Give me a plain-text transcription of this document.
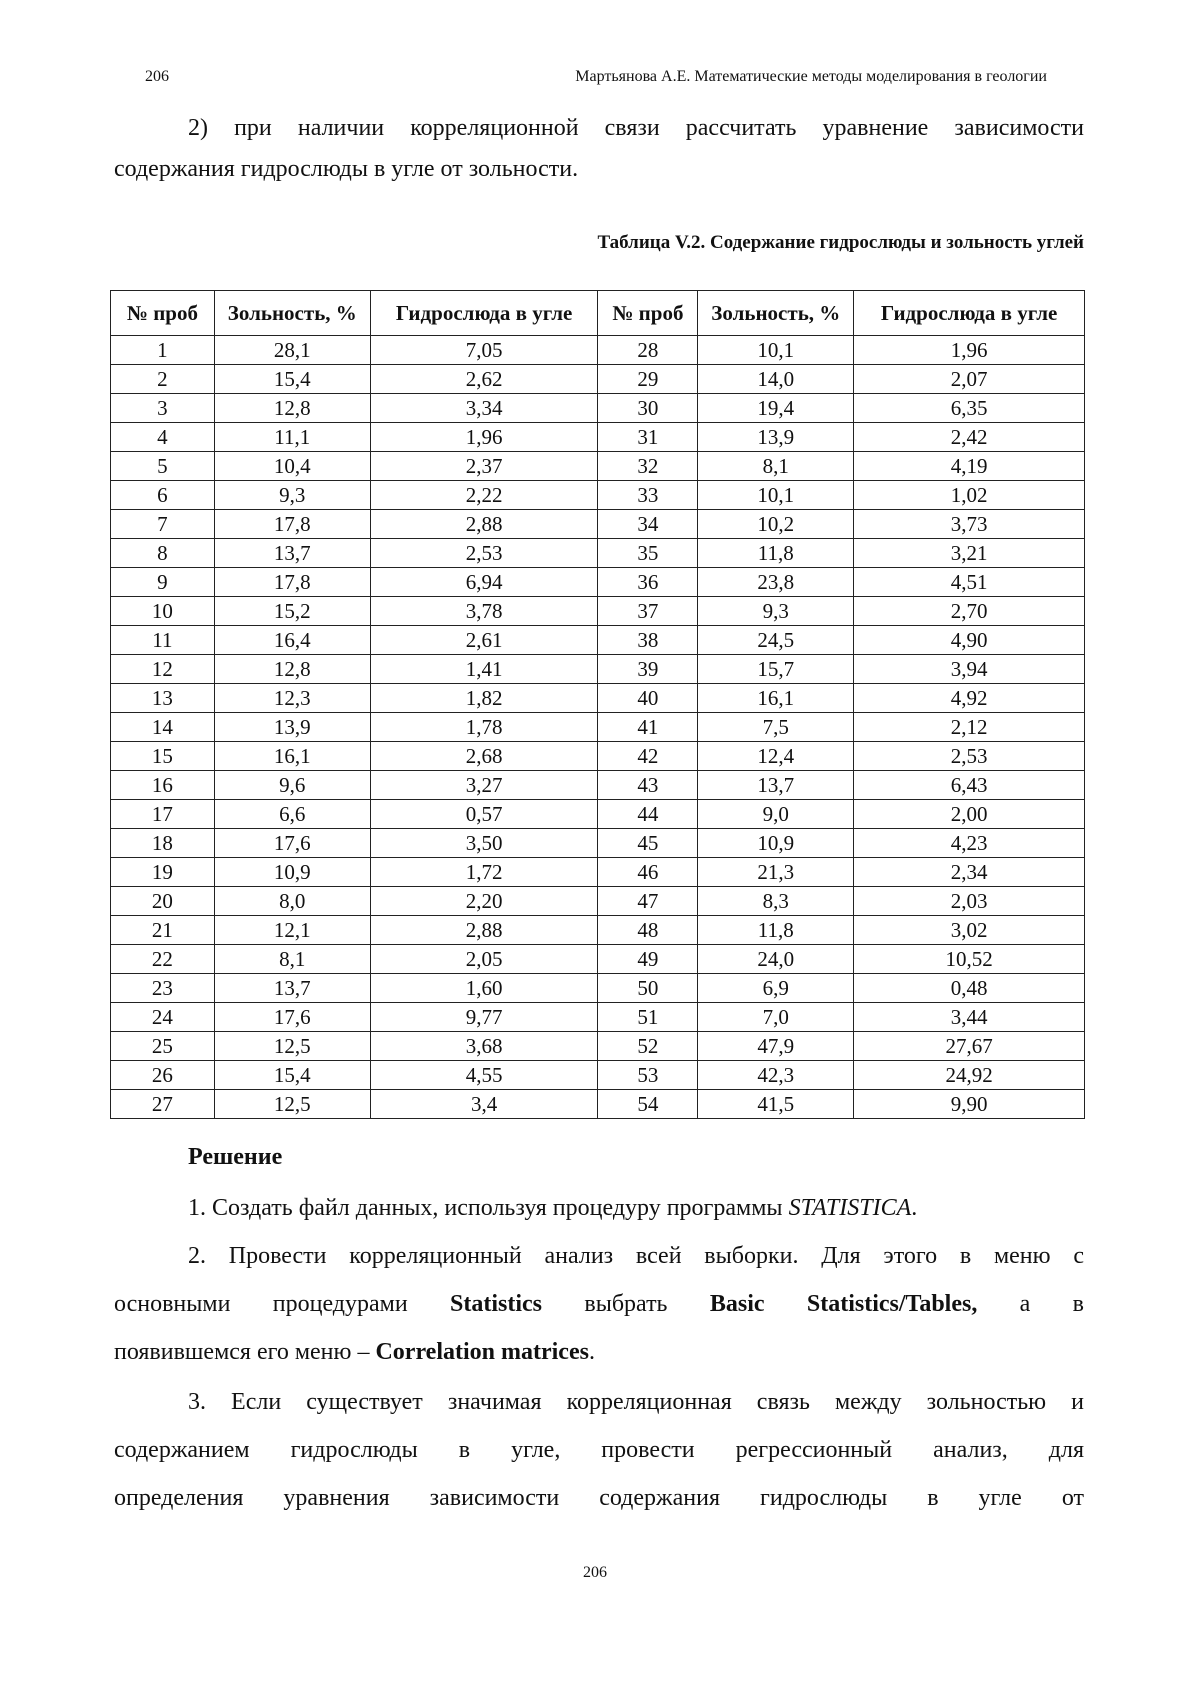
206	Мартьянова А.Е. Математические методы моделирования в геологии

2) при наличии корреляционной связи рассчитать уравнение зависимости

содержания гидрослюды в угле от зольности.

Таблица V.2. Содержание гидрослюды и зольность углей
№ проб	Зольность, %	Гидрослюда в угле	№ проб	Зольность, %	Гидрослюда в угле
1	28,1	7,05	28	10,1	1,96
2	15,4	2,62	29	14,0	2,07
3	12,8	3,34	30	19,4	6,35
4	11,1	1,96	31	13,9	2,42
5	10,4	2,37	32	8,1	4,19
6	9,3	2,22	33	10,1	1,02
7	17,8	2,88	34	10,2	3,73
8	13,7	2,53	35	11,8	3,21
9	17,8	6,94	36	23,8	4,51
10	15,2	3,78	37	9,3	2,70
11	16,4	2,61	38	24,5	4,90
12	12,8	1,41	39	15,7	3,94
13	12,3	1,82	40	16,1	4,92
14	13,9	1,78	41	7,5	2,12
15	16,1	2,68	42	12,4	2,53
16	9,6	3,27	43	13,7	6,43
17	6,6	0,57	44	9,0	2,00
18	17,6	3,50	45	10,9	4,23
19	10,9	1,72	46	21,3	2,34
20	8,0	2,20	47	8,3	2,03
21	12,1	2,88	48	11,8	3,02
22	8,1	2,05	49	24,0	10,52
23	13,7	1,60	50	6,9	0,48
24	17,6	9,77	51	7,0	3,44
25	12,5	3,68	52	47,9	27,67
26	15,4	4,55	53	42,3	24,92
27	12,5	3,4	54	41,5	9,90
Решение

1. Создать файл данных, используя процедуру программы STATISTICA.

2. Провести корреляционный анализ всей выборки. Для этого в меню с

основными процедурами Statistics выбрать Basic Statistics/Tables, а в

появившемся его меню – Correlation matrices.

3. Если существует значимая корреляционная связь между зольностью и

содержанием гидрослюды в угле, провести регрессионный анализ, для

определения уравнения зависимости содержания гидрослюды в угле от

206
